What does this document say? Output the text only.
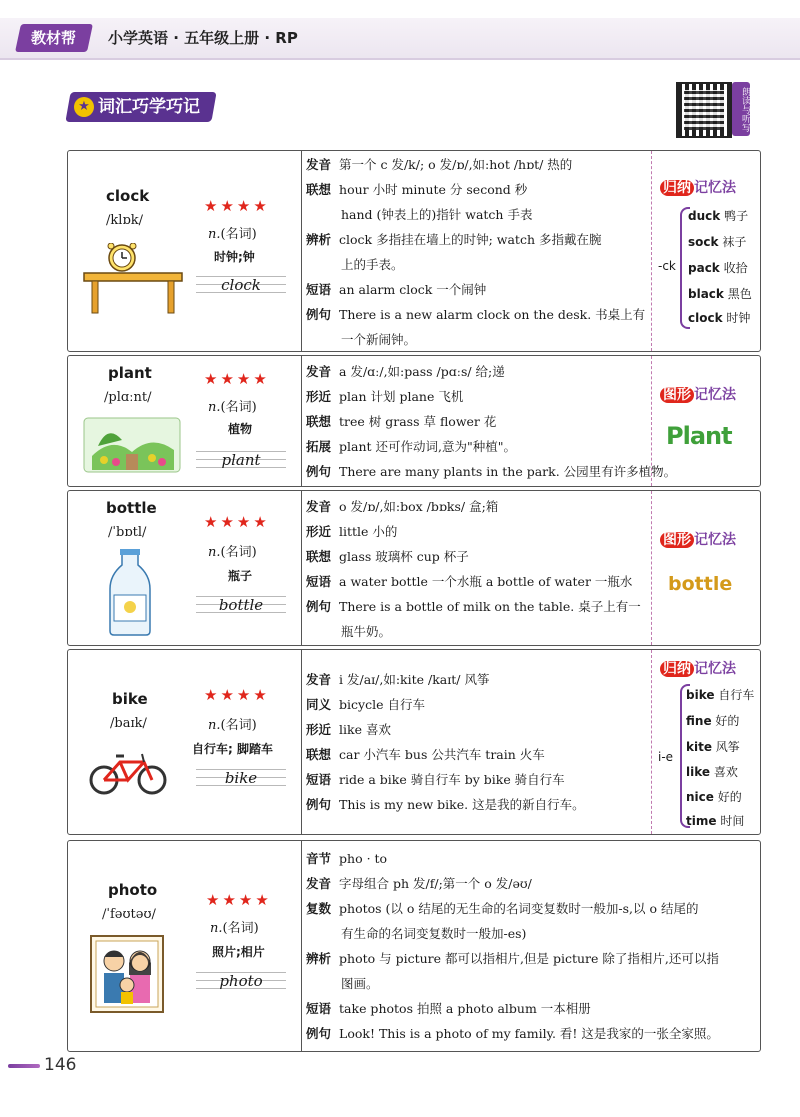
教材帮	小学英语 · 五年级上册 · RP
★ 词汇巧学巧记	朗读与听写
clock
/klɒk/
★★★★
n.(名词)
时钟;钟
clock
发音 第一个 c 发/k/; o 发/ɒ/,如:hot /hɒt/ 热的
联想 hour 小时 minute 分 second 秒
hand (钟表上的)指针 watch 手表
辨析 clock 多指挂在墙上的时钟; watch 多指戴在腕
上的手表。
短语 an alarm clock 一个闹钟
例句 There is a new alarm clock on the desk. 书桌上有
一个新闹钟。
归纳 记忆法
-ck
duck 鸭子
sock 袜子
pack 收拾
black 黑色
clock 时钟
plant
/plɑːnt/
★★★★
n.(名词)
植物
plant
发音 a 发/ɑː/,如:pass /pɑːs/ 给;递
形近 plan 计划 plane 飞机
联想 tree 树 grass 草 flower 花
拓展 plant 还可作动词,意为"种植"。
例句 There are many plants in the park. 公园里有许多植物。
图形 记忆法
Plant
bottle
/ˈbɒtl/
★★★★
n.(名词)
瓶子
bottle
发音 o 发/ɒ/,如:box /bɒks/ 盒;箱
形近 little 小的
联想 glass 玻璃杯 cup 杯子
短语 a water bottle 一个水瓶 a bottle of water 一瓶水
例句 There is a bottle of milk on the table. 桌子上有一
瓶牛奶。
图形 记忆法
bottle
bike
/baɪk/
★★★★
n.(名词)
自行车; 脚踏车
bike
发音 i 发/aɪ/,如:kite /kaɪt/ 风筝
同义 bicycle 自行车
形近 like 喜欢
联想 car 小汽车 bus 公共汽车 train 火车
短语 ride a bike 骑自行车 by bike 骑自行车
例句 This is my new bike. 这是我的新自行车。
归纳 记忆法
i-e
bike 自行车
fine 好的
kite 风筝
like 喜欢
nice 好的
time 时间
photo
/ˈfəʊtəʊ/
★★★★
n.(名词)
照片;相片
photo
音节 pho · to
发音 字母组合 ph 发/f/;第一个 o 发/əʊ/
复数 photos (以 o 结尾的无生命的名词变复数时一般加-s,以 o 结尾的
有生命的名词变复数时一般加-es)
辨析 photo 与 picture 都可以指相片,但是 picture 除了指相片,还可以指
图画。
短语 take photos 拍照 a photo album 一本相册
例句 Look! This is a photo of my family. 看! 这是我家的一张全家照。
146
